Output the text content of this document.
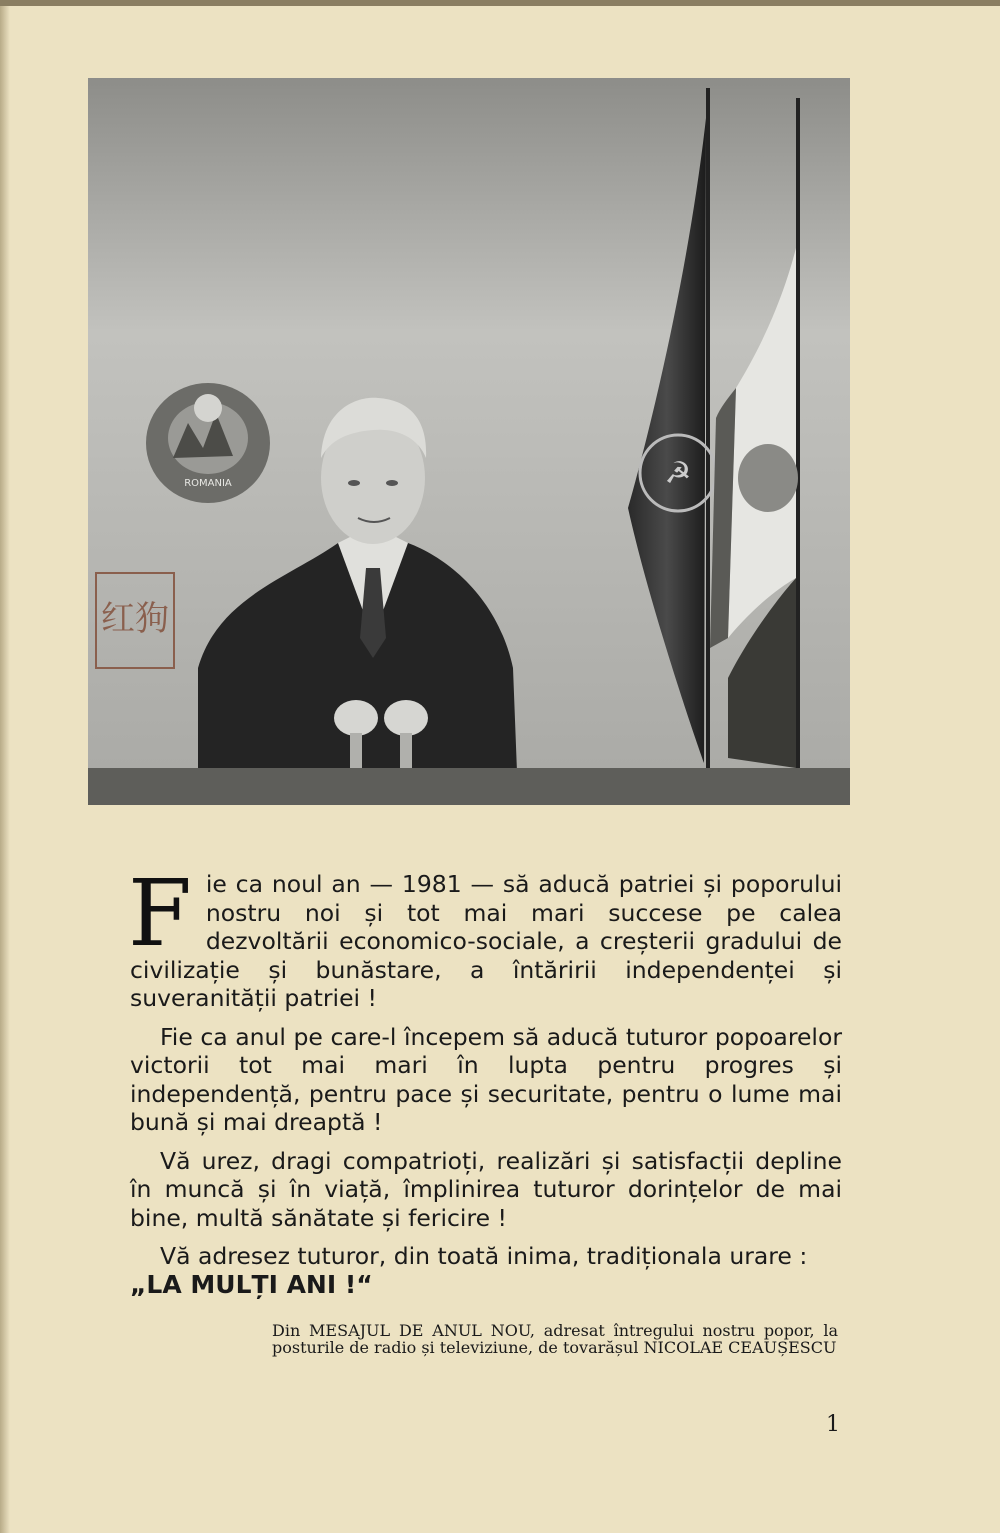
ROMANIA
红狗
☭

Fie ca noul an — 1981 — să aducă patriei și poporului nostru noi și tot mai mari succese pe calea dezvoltării economico-sociale, a creșterii gradului de civilizație și bunăstare, a întăririi independenței și suveranității patriei !

Fie ca anul pe care-l începem să aducă tuturor popoarelor victorii tot mai mari în lupta pentru progres și independență, pentru pace și securitate, pentru o lume mai bună și mai dreaptă !

Vă urez, dragi compatrioți, realizări și satisfacții depline în muncă și în viață, împlinirea tuturor dorințelor de mai bine, multă sănătate și fericire !

Vă adresez tuturor, din toată inima, tradiționala urare :

„LA MULȚI ANI !“
Din MESAJUL DE ANUL NOU, adresat întregului nostru popor, la posturile de radio și televiziune, de tovarășul NICOLAE CEAUȘESCU
1
